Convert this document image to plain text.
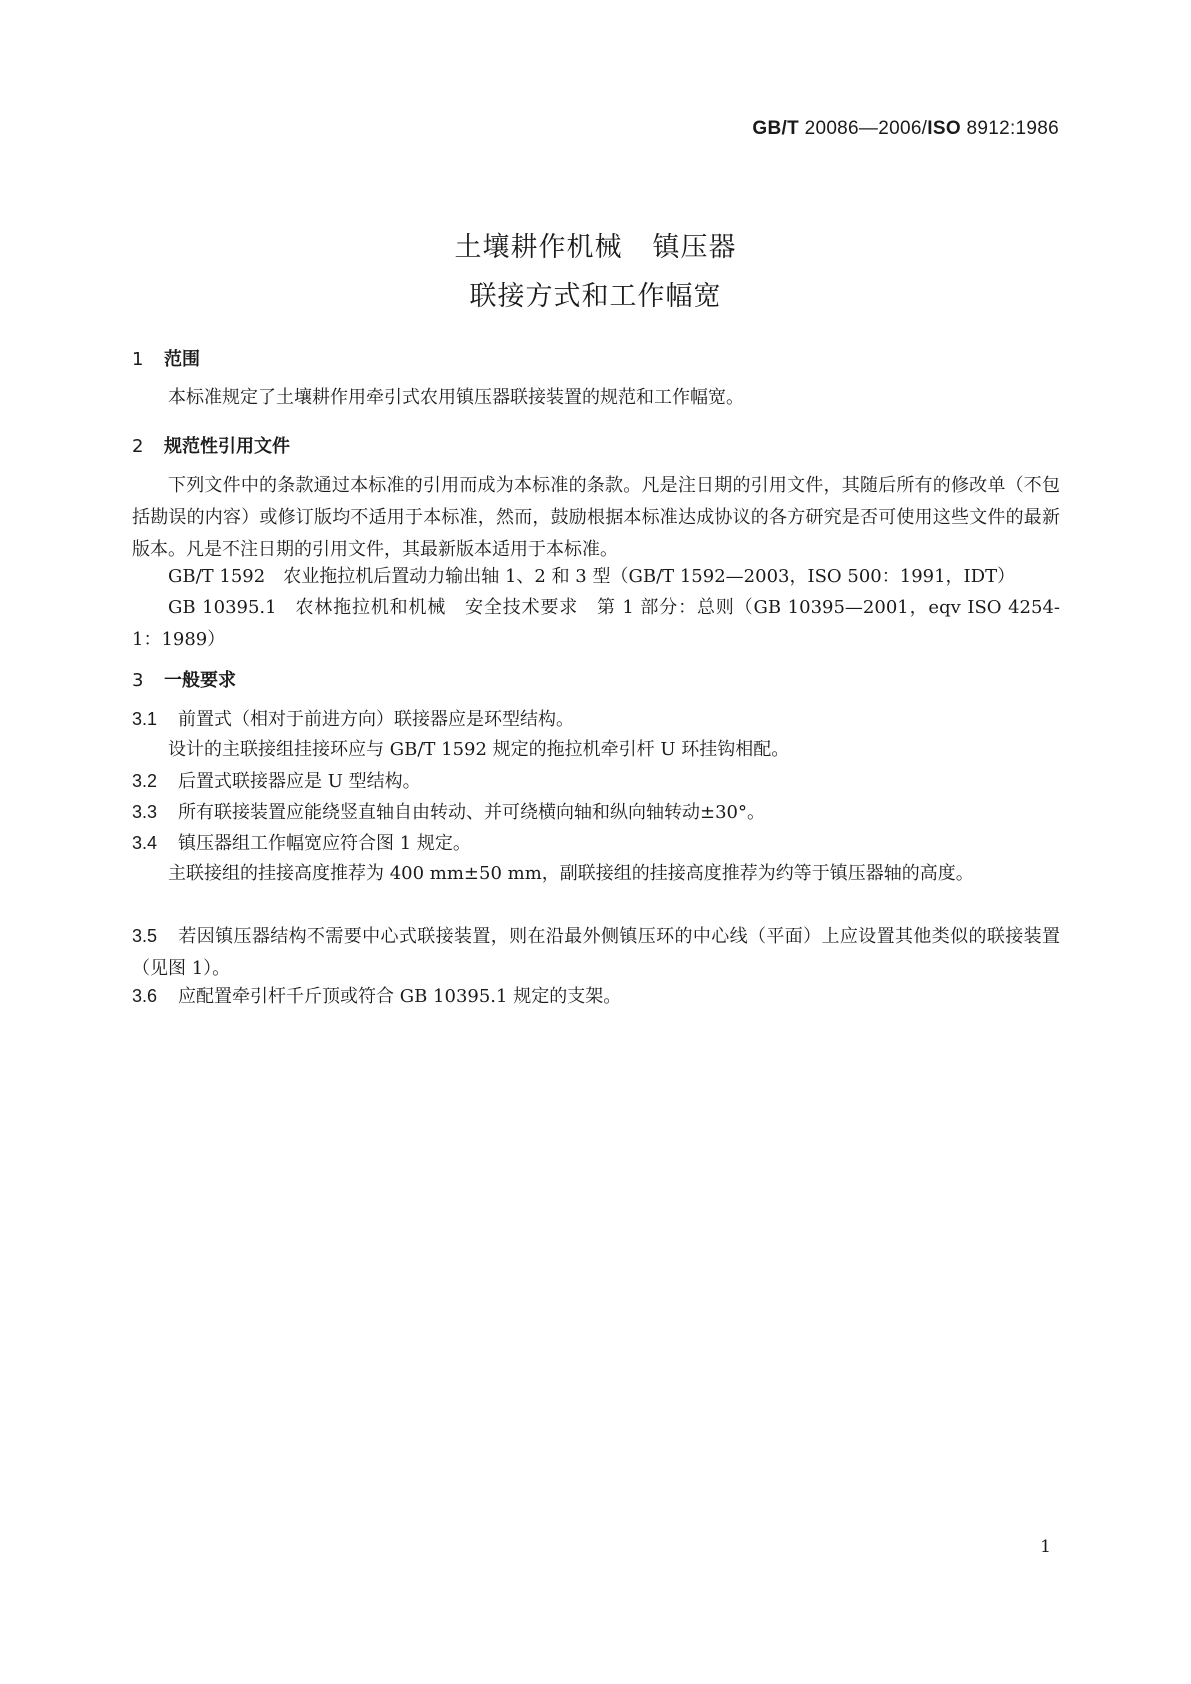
GB/T 20086—2006/ISO 8912:1986
土壤耕作机械 镇压器
联接方式和工作幅宽
1 范围
本标准规定了土壤耕作用牵引式农用镇压器联接装置的规范和工作幅宽。
2 规范性引用文件
下列文件中的条款通过本标准的引用而成为本标准的条款。凡是注日期的引用文件，其随后所有的修改单（不包括勘误的内容）或修订版均不适用于本标准，然而，鼓励根据本标准达成协议的各方研究是否可使用这些文件的最新版本。凡是不注日期的引用文件，其最新版本适用于本标准。
GB/T 1592 农业拖拉机后置动力输出轴 1、2 和 3 型（GB/T 1592—2003，ISO 500：1991，IDT）
GB 10395.1 农林拖拉机和机械　安全技术要求　第 1 部分：总则（GB 10395—2001，eqv ISO 4254-1：1989）
3 一般要求
3.1 前置式（相对于前进方向）联接器应是环型结构。
设计的主联接组挂接环应与 GB/T 1592 规定的拖拉机牵引杆 U 环挂钩相配。
3.2 后置式联接器应是 U 型结构。
3.3 所有联接装置应能绕竖直轴自由转动、并可绕横向轴和纵向轴转动±30°。
3.4 镇压器组工作幅宽应符合图 1 规定。
主联接组的挂接高度推荐为 400 mm±50 mm，副联接组的挂接高度推荐为约等于镇压器轴的高度。
3.5 若因镇压器结构不需要中心式联接装置，则在沿最外侧镇压环的中心线（平面）上应设置其他类似的联接装置（见图 1）。
3.6 应配置牵引杆千斤顶或符合 GB 10395.1 规定的支架。
1
